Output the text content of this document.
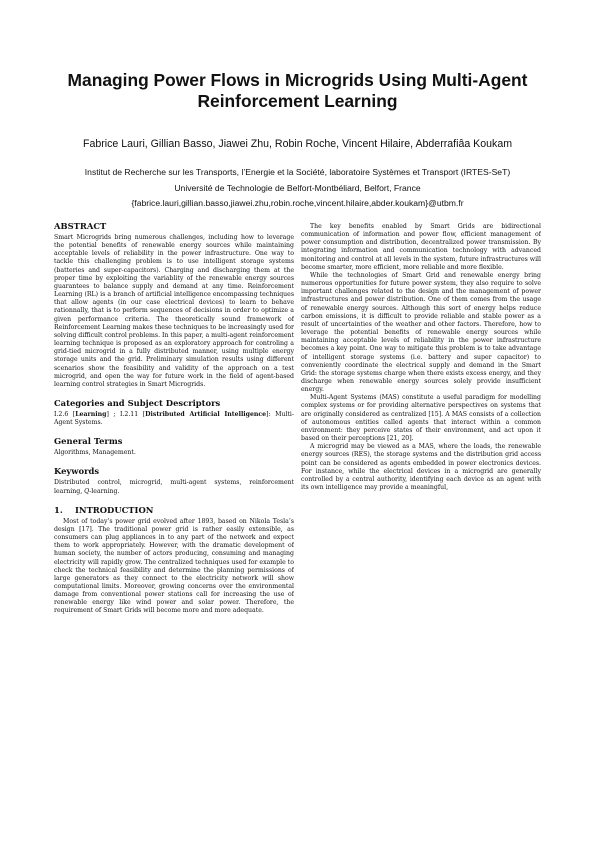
Managing Power Flows in Microgrids Using Multi-Agent Reinforcement Learning

Fabrice Lauri, Gillian Basso, Jiawei Zhu, Robin Roche, Vincent Hilaire, Abderrafiâa Koukam

Institut de Recherche sur les Transports, l’Energie et la Société, laboratoire Systèmes et Transport (IRTES-SeT)

Université de Technologie de Belfort-Montbéliard, Belfort, France

{fabrice.lauri,gillian.basso,jiawei.zhu,robin.roche,vincent.hilaire,abder.koukam}@utbm.fr

ABSTRACT

Smart Microgrids bring numerous challenges, including how to leverage the potential benefits of renewable energy sources while maintaining acceptable levels of reliability in the power infrastructure. One way to tackle this challenging problem is to use intelligent storage systems (batteries and super-capacitors). Charging and discharging them at the proper time by exploiting the variablity of the renewable energy sources guarantees to balance supply and demand at any time. Reinforcement Learning (RL) is a branch of artificial intelligence encompassing techniques that allow agents (in our case electrical devices) to learn to behave rationnally, that is to perform sequences of decisions in order to optimize a given performance criteria. The theoretically sound framework of Reinforcement Learning makes these techniques to be increasingly used for solving difficult control problems. In this paper, a multi-agent reinforcement learning technique is proposed as an exploratory approach for controling a grid-tied microgrid in a fully distributed manner, using multiple energy storage units and the grid. Preliminary simulation results using different scenarios show the feasibility and validity of the approach on a test microgrid, and open the way for future work in the field of agent-based learning control strategies in Smart Microgrids.

Categories and Subject Descriptors

I.2.6 [Learning] ; I.2.11 [Distributed Artificial Intelligence]: Multi-Agent Systems.

General Terms

Algorithms, Management.

Keywords

Distributed control, microgrid, multi-agent systems, reinforcement learning, Q-learning.

1. INTRODUCTION

Most of today’s power grid evolved after 1893, based on Nikola Tesla’s design [17]. The traditional power grid is rather easily extensible, as consumers can plug appliances in to any part of the network and expect them to work appropriately. However, with the dramatic development of human society, the number of actors producing, consuming and managing electricity will rapidly grow. The centralized techniques used for example to check the technical feasibility and determine the planning permissions of large generators as they connect to the electricity network will show computational limits. Moreover, growing concerns over the environmental damage from conventional power stations call for increasing the use of renewable energy like wind power and solar power. Therefore, the requirement of Smart Grids will become more and more adequate.

The key benefits enabled by Smart Grids are bidirectional communication of information and power flow, efficient management of power consumption and distribution, decentralized power transmission. By integrating information and communication technology with advanced monitoring and control at all levels in the system, future infrastructures will become smarter, more efficient, more reliable and more flexible.

While the technologies of Smart Grid and renewable energy bring numerous opportunities for future power system, they also require to solve important challenges related to the design and the management of power infrastructures and power distribution. One of them comes from the usage of renewable energy sources. Although this sort of energy helps reduce carbon emissions, it is difficult to provide reliable and stable power as a result of uncertainties of the weather and other factors. Therefore, how to leverage the potential benefits of renewable energy sources while maintaining acceptable levels of reliability in the power infrastructure becomes a key point. One way to mitigate this problem is to take advantage of intelligent storage systems (i.e. battery and super capacitor) to conveniently coordinate the electrical supply and demand in the Smart Grid: the storage systems charge when there exists excess energy, and they discharge when renewable energy sources solely provide insufficient energy.

Multi-Agent Systems (MAS) constitute a useful paradigm for modelling complex systems or for providing alternative perspectives on systems that are originally considered as centralized [15]. A MAS consists of a collection of autonomous entities called agents that interact within a common environment: they perceive states of their environment, and act upon it based on their perceptions [21, 20].

A microgrid may be viewed as a MAS, where the loads, the renewable energy sources (RES), the storage systems and the distribution grid access point can be considered as agents embedded in power electronics devices. For instance, while the electrical devices in a microgrid are generally controlled by a central authority, identifying each device as an agent with its own intelligence may provide a meaningful,
